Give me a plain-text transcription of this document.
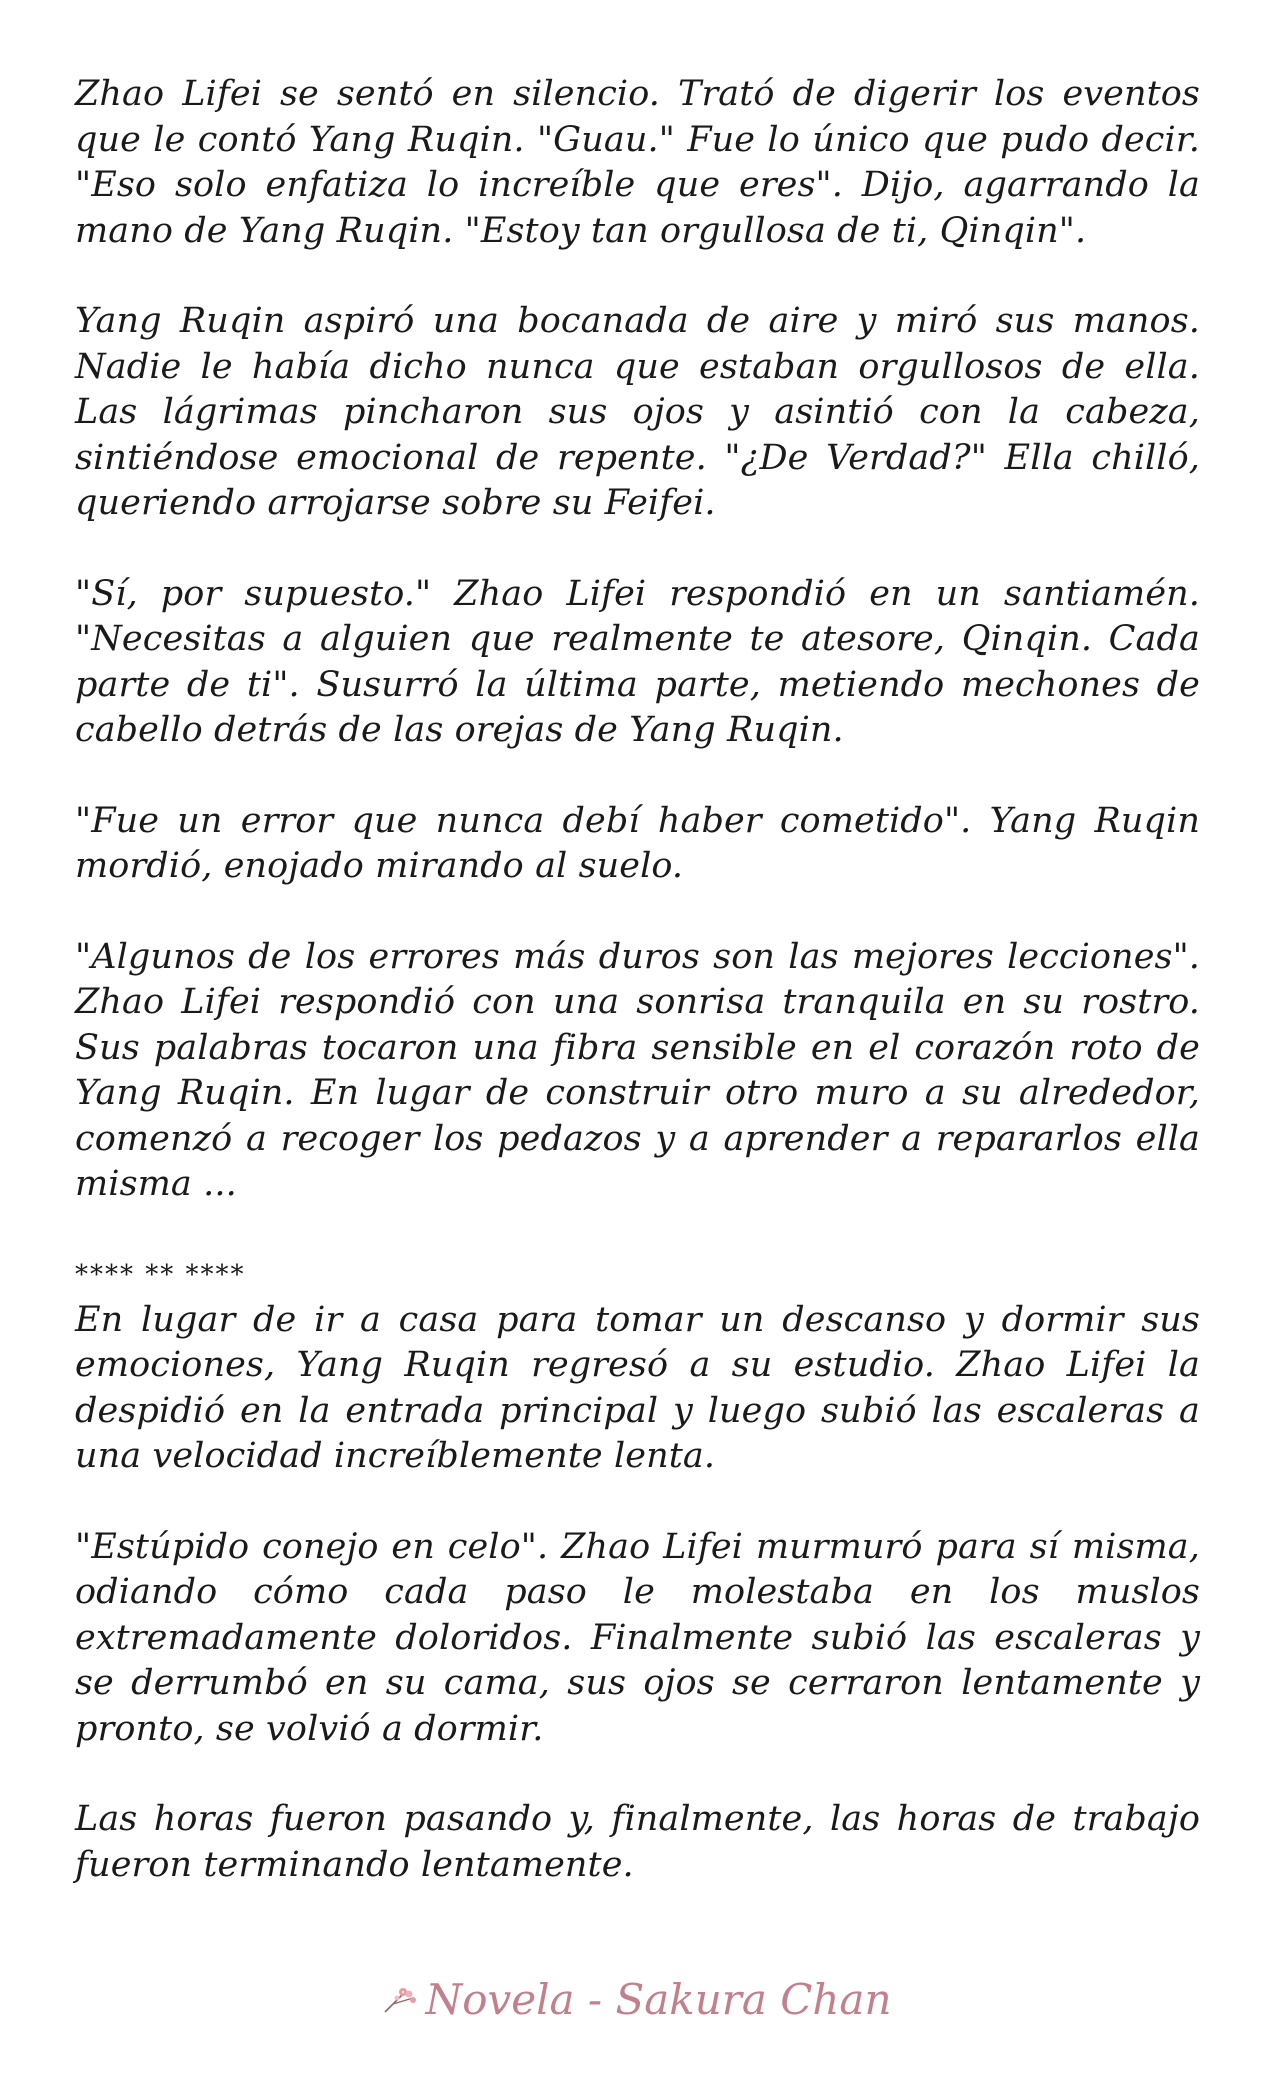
Zhao Lifei se sentó en silencio. Trató de digerir los eventos que le contó Yang Ruqin. "Guau." Fue lo único que pudo decir. "Eso solo enfatiza lo increíble que eres". Dijo, agarrando la mano de Yang Ruqin. "Estoy tan orgullosa de ti, Qinqin".

Yang Ruqin aspiró una bocanada de aire y miró sus manos. Nadie le había dicho nunca que estaban orgullosos de ella. Las lágrimas pincharon sus ojos y asintió con la cabeza, sintiéndose emocional de repente. "¿De Verdad?" Ella chilló, queriendo arrojarse sobre su Feifei.

"Sí, por supuesto." Zhao Lifei respondió en un santiamén. "Necesitas a alguien que realmente te atesore, Qinqin. Cada parte de ti". Susurró la última parte, metiendo mechones de cabello detrás de las orejas de Yang Ruqin.

"Fue un error que nunca debí haber cometido". Yang Ruqin mordió, enojado mirando al suelo.

"Algunos de los errores más duros son las mejores lecciones". Zhao Lifei respondió con una sonrisa tranquila en su rostro. Sus palabras tocaron una fibra sensible en el corazón roto de Yang Ruqin. En lugar de construir otro muro a su alrededor, comenzó a recoger los pedazos y a aprender a repararlos ella misma ...

**** ** ****

En lugar de ir a casa para tomar un descanso y dormir sus emociones, Yang Ruqin regresó a su estudio. Zhao Lifei la despidió en la entrada principal y luego subió las escaleras a una velocidad increíblemente lenta.

"Estúpido conejo en celo". Zhao Lifei murmuró para sí misma, odiando cómo cada paso le molestaba en los muslos extremadamente doloridos. Finalmente subió las escaleras y se derrumbó en su cama, sus ojos se cerraron lentamente y pronto, se volvió a dormir.

Las horas fueron pasando y, finalmente, las horas de trabajo fueron terminando lentamente.

Novela - Sakura Chan
